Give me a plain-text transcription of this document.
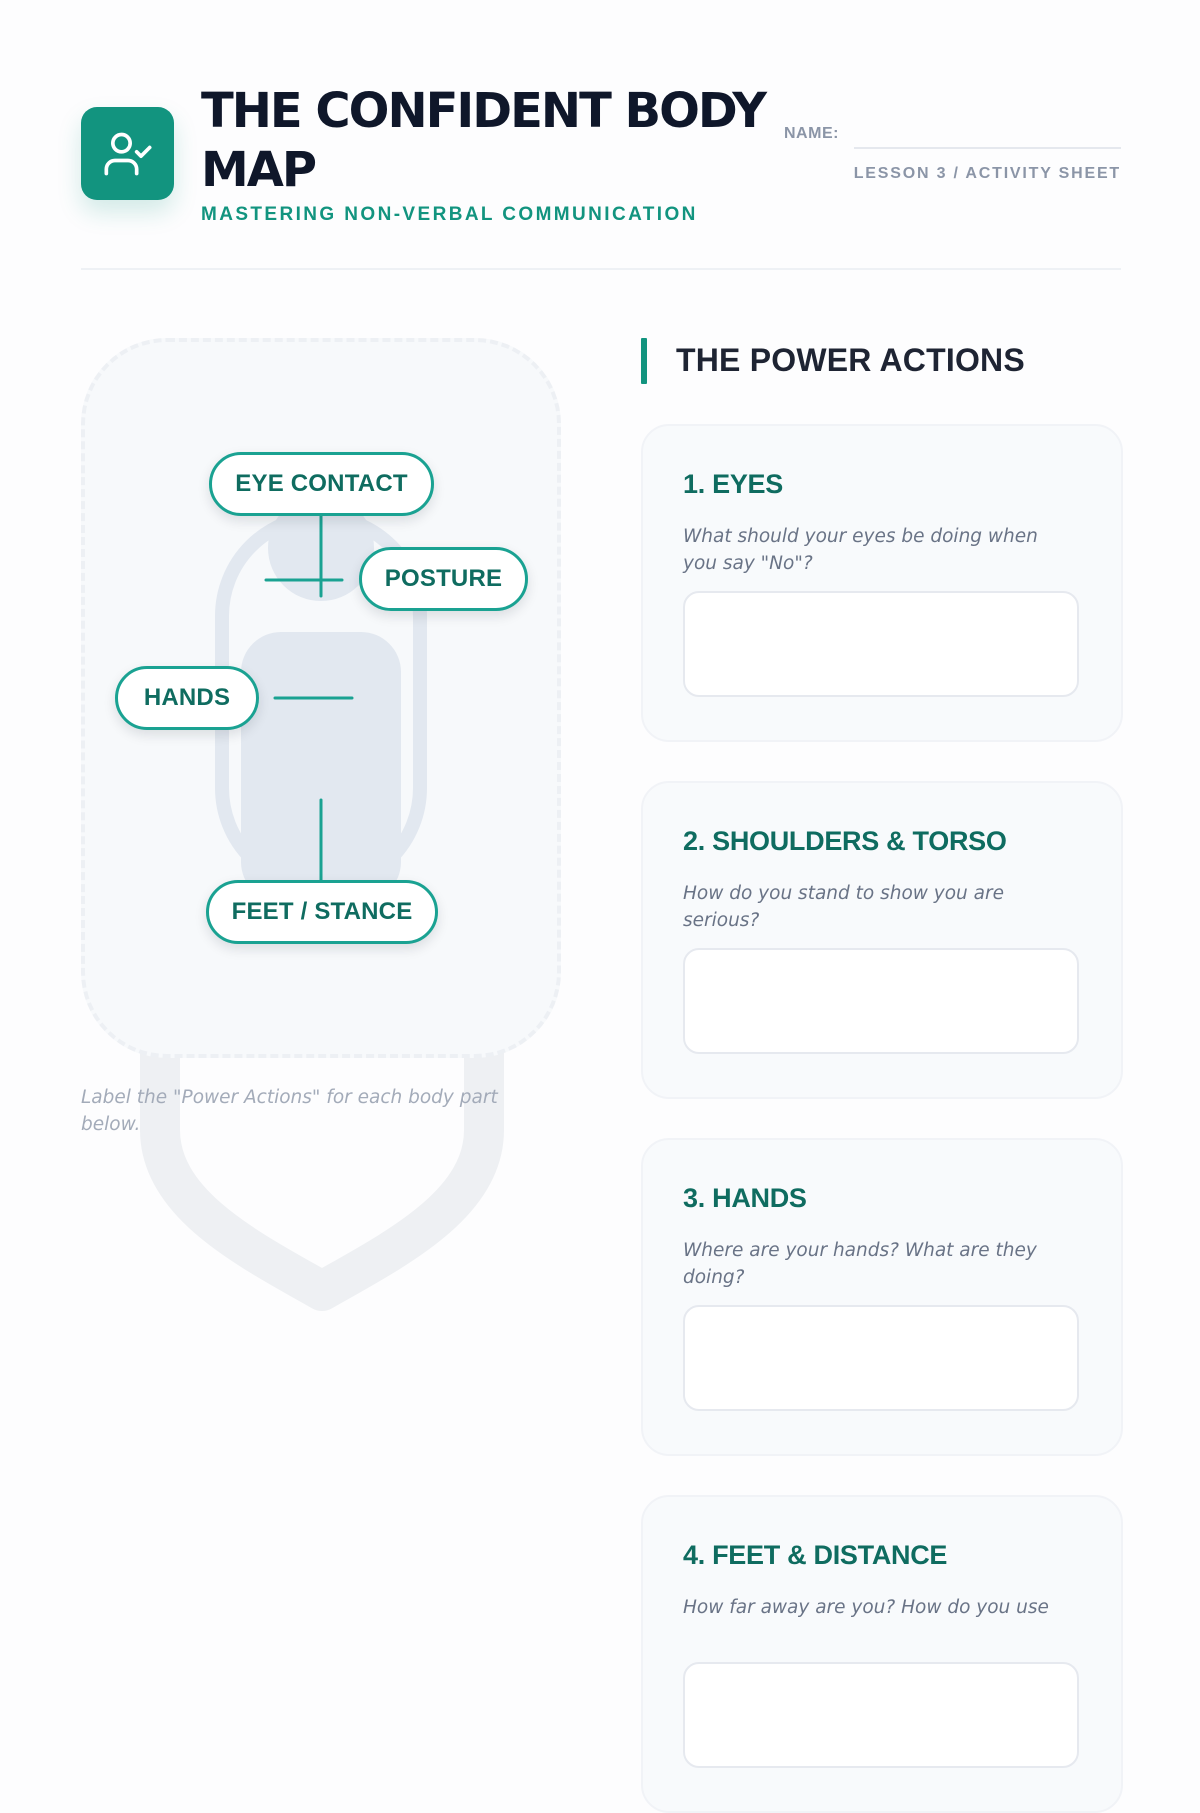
THE CONFIDENT BODY MAP
MASTERING NON-VERBAL COMMUNICATION
NAME:
LESSON 3 / ACTIVITY SHEET
EYE CONTACT
POSTURE
HANDS
FEET / STANCE
Label the "Power Actions" for each body part below.
THE POWER ACTIONS
1. EYES
What should your eyes be doing when you say "No"?
2. SHOULDERS & TORSO
How do you stand to show you are serious?
3. HANDS
Where are your hands? What are they doing?
4. FEET & DISTANCE
How far away are you? How do you use
